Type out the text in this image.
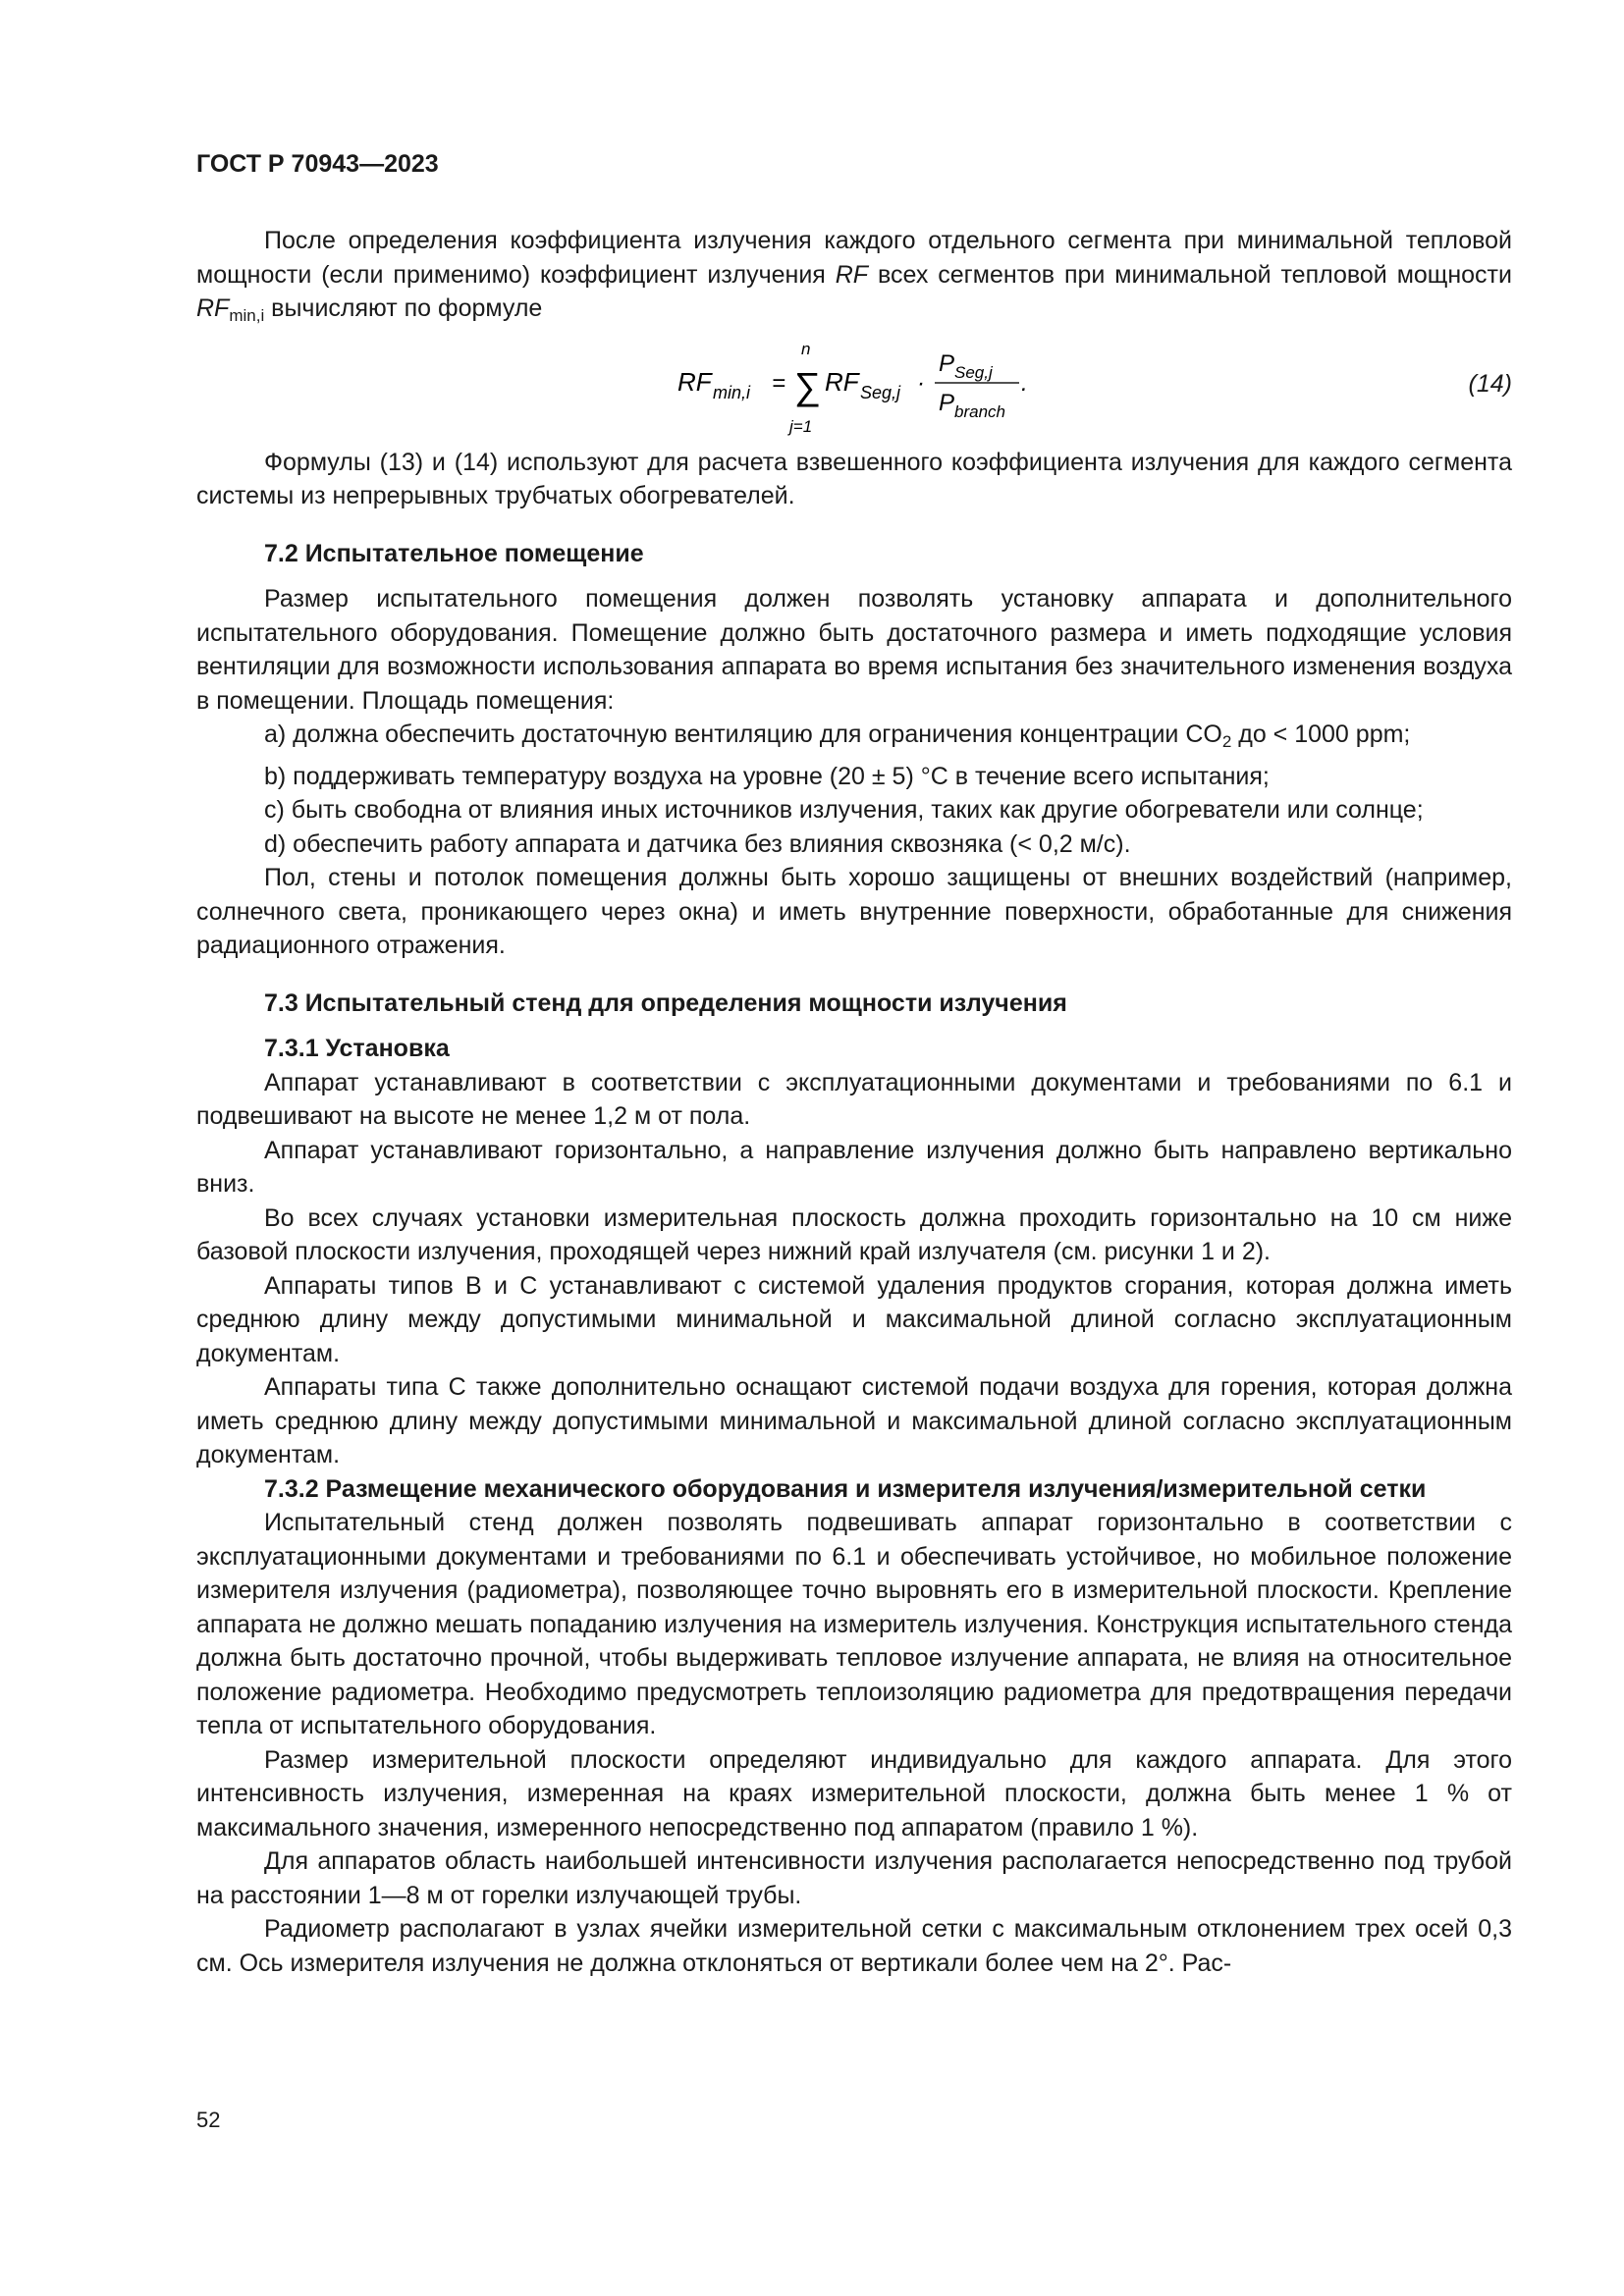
ГОСТ Р 70943—2023

После определения коэффициента излучения каждого отдельного сегмента при минимальной тепловой мощности (если применимо) коэффициент излучения RF всех сегментов при минимальной тепловой мощности $RF_{min,i}$ вычисляют по формуле

RF min,i =
n
∑
j=1
RF Seg,j ·
P Seg,j
P branch
.	(14)

Формулы (13) и (14) используют для расчета взвешенного коэффициента излучения для каждого сегмента системы из непрерывных трубчатых обогревателей.

7.2 Испытательное помещение

Размер испытательного помещения должен позволять установку аппарата и дополнительного испытательного оборудования. Помещение должно быть достаточного размера и иметь подходящие условия вентиляции для возможности использования аппарата во время испытания без значительного изменения воздуха в помещении. Площадь помещения:

a) должна обеспечить достаточную вентиляцию для ограничения концентрации $CO_2$ до < 1000 ppm;

b) поддерживать температуру воздуха на уровне (20 ± 5) °C в течение всего испытания;

c) быть свободна от влияния иных источников излучения, таких как другие обогреватели или солнце;

d) обеспечить работу аппарата и датчика без влияния сквозняка (< 0,2 м/с).

Пол, стены и потолок помещения должны быть хорошо защищены от внешних воздействий (например, солнечного света, проникающего через окна) и иметь внутренние поверхности, обработанные для снижения радиационного отражения.

7.3 Испытательный стенд для определения мощности излучения

7.3.1 Установка

Аппарат устанавливают в соответствии с эксплуатационными документами и требованиями по 6.1 и подвешивают на высоте не менее 1,2 м от пола.

Аппарат устанавливают горизонтально, а направление излучения должно быть направлено вертикально вниз.

Во всех случаях установки измерительная плоскость должна проходить горизонтально на 10 см ниже базовой плоскости излучения, проходящей через нижний край излучателя (см. рисунки 1 и 2).

Аппараты типов B и C устанавливают с системой удаления продуктов сгорания, которая должна иметь среднюю длину между допустимыми минимальной и максимальной длиной согласно эксплуатационным документам.

Аппараты типа C также дополнительно оснащают системой подачи воздуха для горения, которая должна иметь среднюю длину между допустимыми минимальной и максимальной длиной согласно эксплуатационным документам.

7.3.2 Размещение механического оборудования и измерителя излучения/измерительной сетки

Испытательный стенд должен позволять подвешивать аппарат горизонтально в соответствии с эксплуатационными документами и требованиями по 6.1 и обеспечивать устойчивое, но мобильное положение измерителя излучения (радиометра), позволяющее точно выровнять его в измерительной плоскости. Крепление аппарата не должно мешать попаданию излучения на измеритель излучения. Конструкция испытательного стенда должна быть достаточно прочной, чтобы выдерживать тепловое излучение аппарата, не влияя на относительное положение радиометра. Необходимо предусмотреть теплоизоляцию радиометра для предотвращения передачи тепла от испытательного оборудования.

Размер измерительной плоскости определяют индивидуально для каждого аппарата. Для этого интенсивность излучения, измеренная на краях измерительной плоскости, должна быть менее 1 % от максимального значения, измеренного непосредственно под аппаратом (правило 1 %).

Для аппаратов область наибольшей интенсивности излучения располагается непосредственно под трубой на расстоянии 1—8 м от горелки излучающей трубы.

Радиометр располагают в узлах ячейки измерительной сетки с максимальным отклонением трех осей 0,3 см. Ось измерителя излучения не должна отклоняться от вертикали более чем на 2°. Рас-

52
